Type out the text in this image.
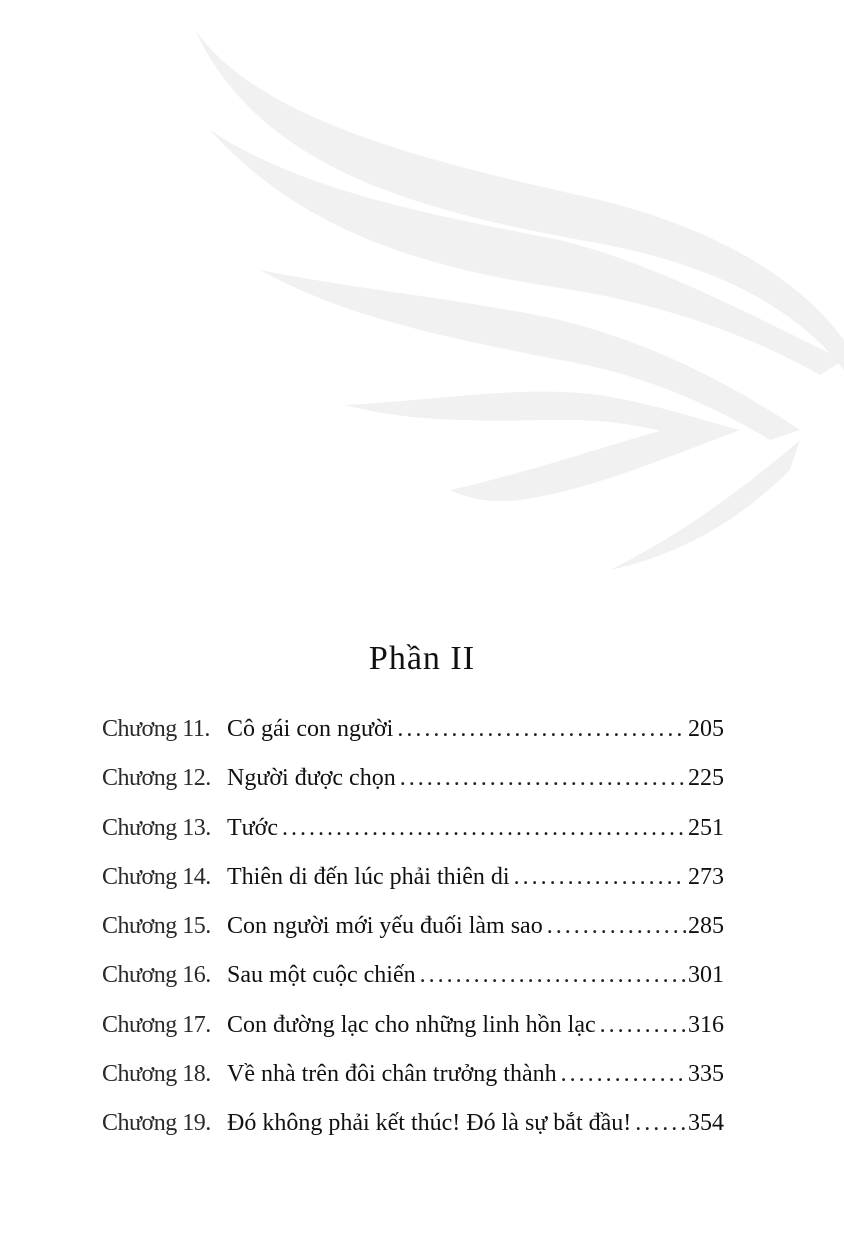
Phần II
Chương 11. Cô gái con người .....	205
Chương 12. Người được chọn .....	225
Chương 13. Tước .....	251
Chương 14. Thiên di đến lúc phải thiên di .....	273
Chương 15. Con người mới yếu đuối làm sao .....	285
Chương 16. Sau một cuộc chiến .....	301
Chương 17. Con đường lạc cho những linh hồn lạc .....	316
Chương 18. Về nhà trên đôi chân trưởng thành .....	335
Chương 19. Đó không phải kết thúc! Đó là sự bắt đầu! ..... 354
